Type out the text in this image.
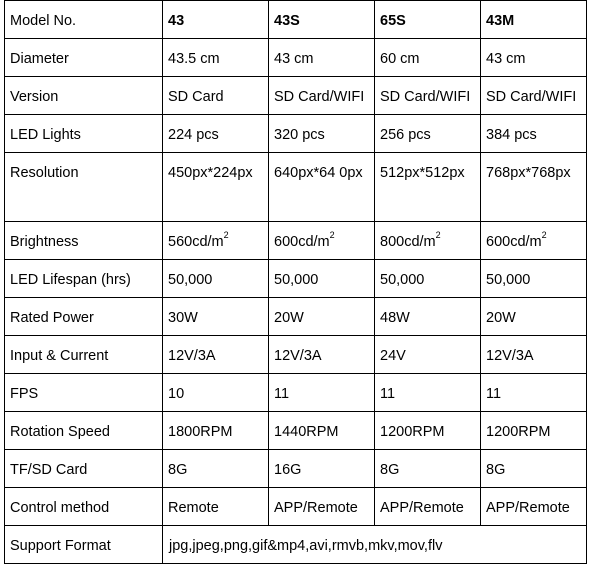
Model No.	43	43S	65S	43M
Diameter	43.5 cm	43 cm	60 cm	43 cm
Version	SD Card	SD Card/WIFI	SD Card/WIFI	SD Card/WIFI
LED Lights	224 pcs	320 pcs	256 pcs	384 pcs
Resolution	450px*224px	640px*64 0px	512px*512px	768px*768px
Brightness	$560cd/m^2$	$600cd/m^2$	$800cd/m^2$	$600cd/m^2$
LED Lifespan (hrs)	50,000	50,000	50,000	50,000
Rated Power	30W	20W	48W	20W
Input & Current	12V/3A	12V/3A	24V	12V/3A
FPS	10	11	11	11
Rotation Speed	1800RPM	1440RPM	1200RPM	1200RPM
TF/SD Card	8G	16G	8G	8G
Control method	Remote	APP/Remote	APP/Remote	APP/Remote
Support Format	jpg,jpeg,png,gif&mp4,avi,rmvb,mkv,mov,flv			
